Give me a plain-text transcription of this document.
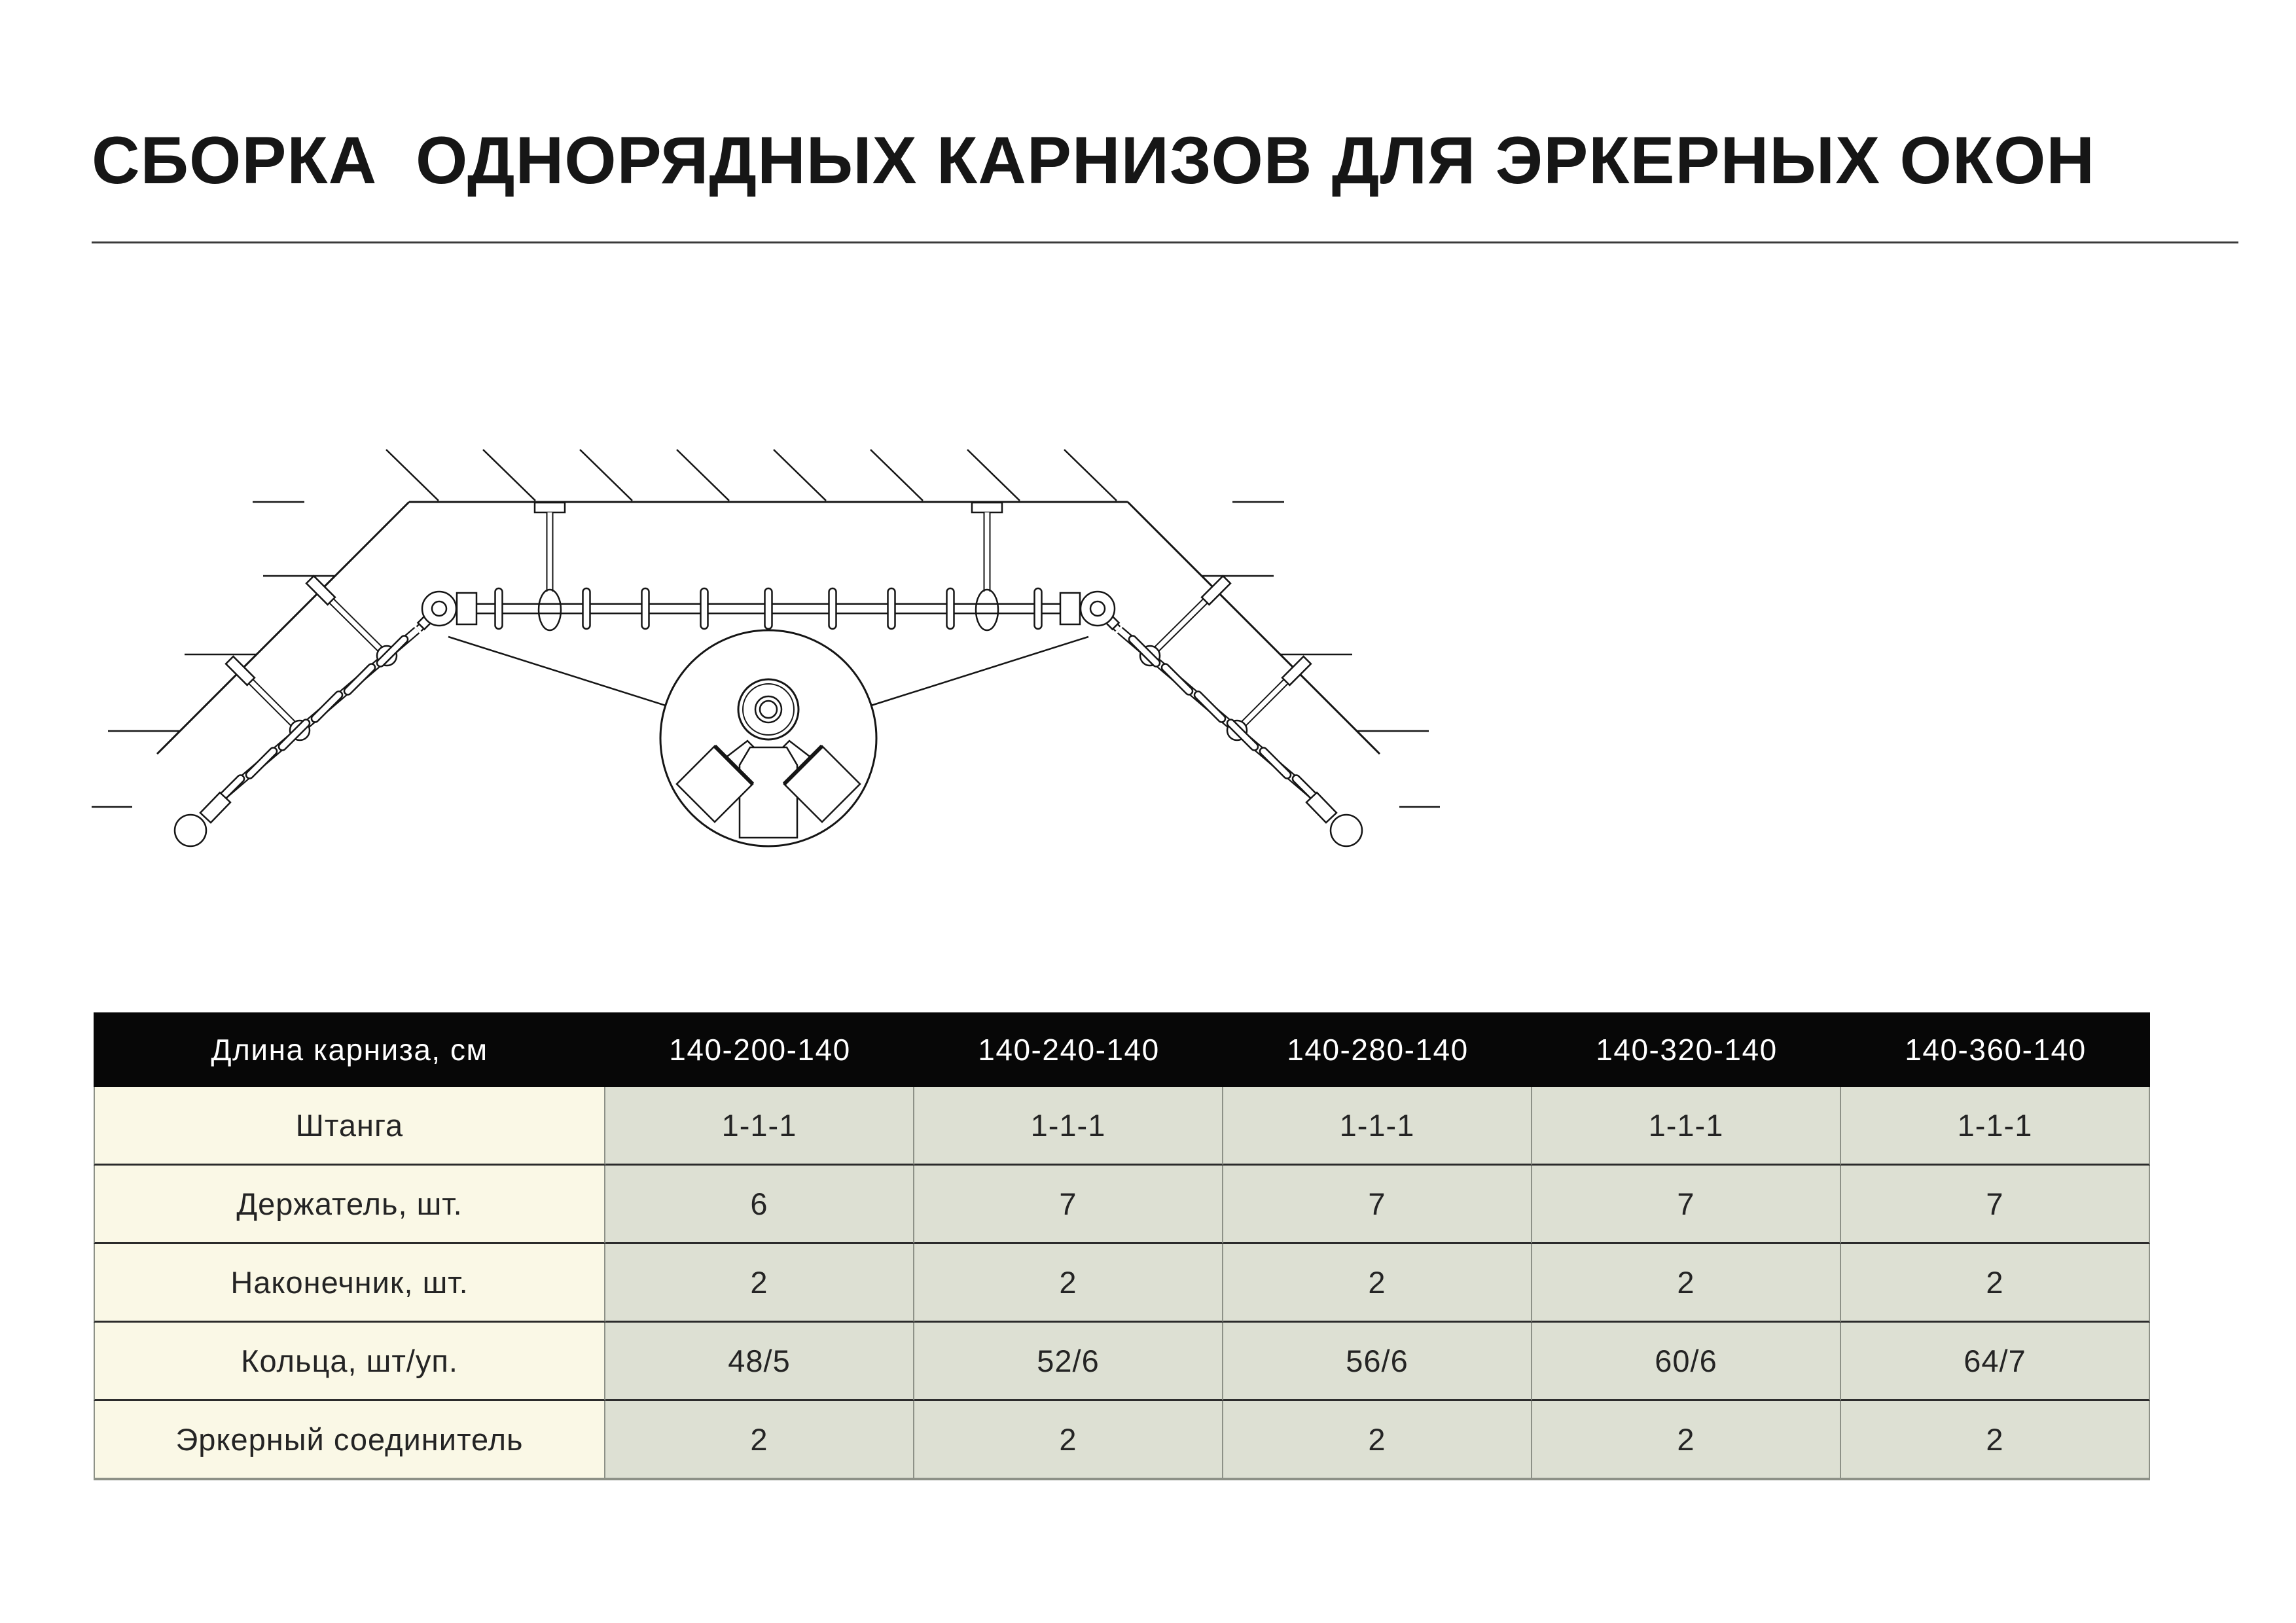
СБОРКА  ОДНОРЯДНЫХ КАРНИЗОВ ДЛЯ ЭРКЕРНЫХ ОКОН
Длина карниза, см	140-200-140	140-240-140	140-280-140	140-320-140	140-360-140
Штанга	1-1-1	1-1-1	1-1-1	1-1-1	1-1-1
Держатель, шт.	6	7	7	7	7
Наконечник, шт.	2	2	2	2	2
Кольца, шт/уп.	48/5	52/6	56/6	60/6	64/7
Эркерный соединитель	2	2	2	2	2
